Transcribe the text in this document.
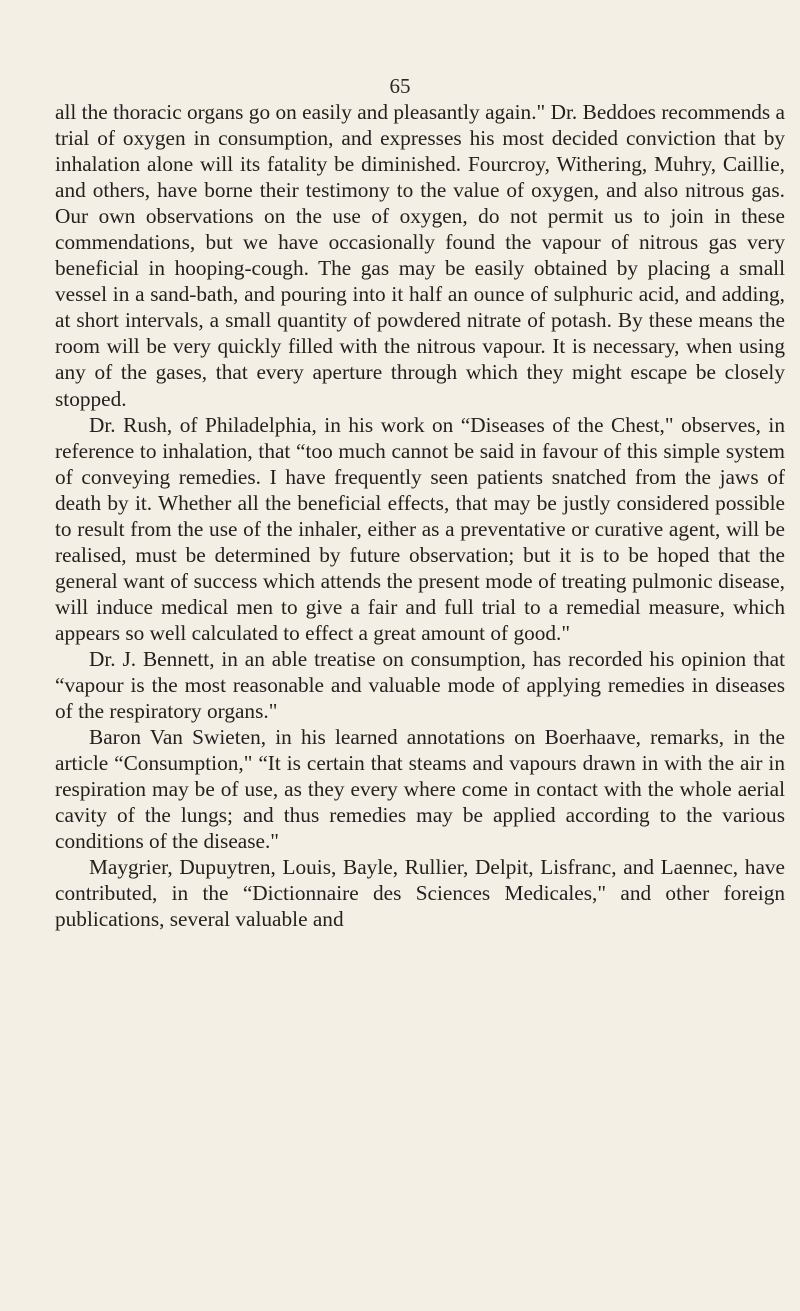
65

all the thoracic organs go on easily and pleasantly again." Dr. Beddoes recommends a trial of oxygen in consumption, and expresses his most decided conviction that by inhalation alone will its fatality be diminished. Fourcroy, Withering, Muhry, Caillie, and others, have borne their testimony to the value of oxygen, and also nitrous gas. Our own observations on the use of oxygen, do not permit us to join in these commendations, but we have occasionally found the vapour of nitrous gas very beneficial in hooping-cough. The gas may be easily obtained by placing a small vessel in a sand-bath, and pouring into it half an ounce of sulphuric acid, and adding, at short intervals, a small quantity of powdered nitrate of potash. By these means the room will be very quickly filled with the nitrous vapour. It is necessary, when using any of the gases, that every aperture through which they might escape be closely stopped.

Dr. Rush, of Philadelphia, in his work on “Diseases of the Chest," observes, in reference to inhalation, that “too much cannot be said in favour of this simple system of conveying remedies. I have frequently seen patients snatched from the jaws of death by it. Whether all the beneficial effects, that may be justly considered possible to result from the use of the inhaler, either as a preventative or curative agent, will be realised, must be determined by future observation; but it is to be hoped that the general want of success which attends the present mode of treating pulmonic disease, will induce medical men to give a fair and full trial to a remedial measure, which appears so well calculated to effect a great amount of good."

Dr. J. Bennett, in an able treatise on consumption, has recorded his opinion that “vapour is the most reasonable and valuable mode of applying remedies in diseases of the respiratory organs."

Baron Van Swieten, in his learned annotations on Boerhaave, remarks, in the article “Consumption," “It is certain that steams and vapours drawn in with the air in respiration may be of use, as they every where come in contact with the whole aerial cavity of the lungs; and thus remedies may be applied according to the various conditions of the disease."

Maygrier, Dupuytren, Louis, Bayle, Rullier, Delpit, Lisfranc, and Laennec, have contributed, in the “Dictionnaire des Sciences Medicales," and other foreign publications, several valuable and
